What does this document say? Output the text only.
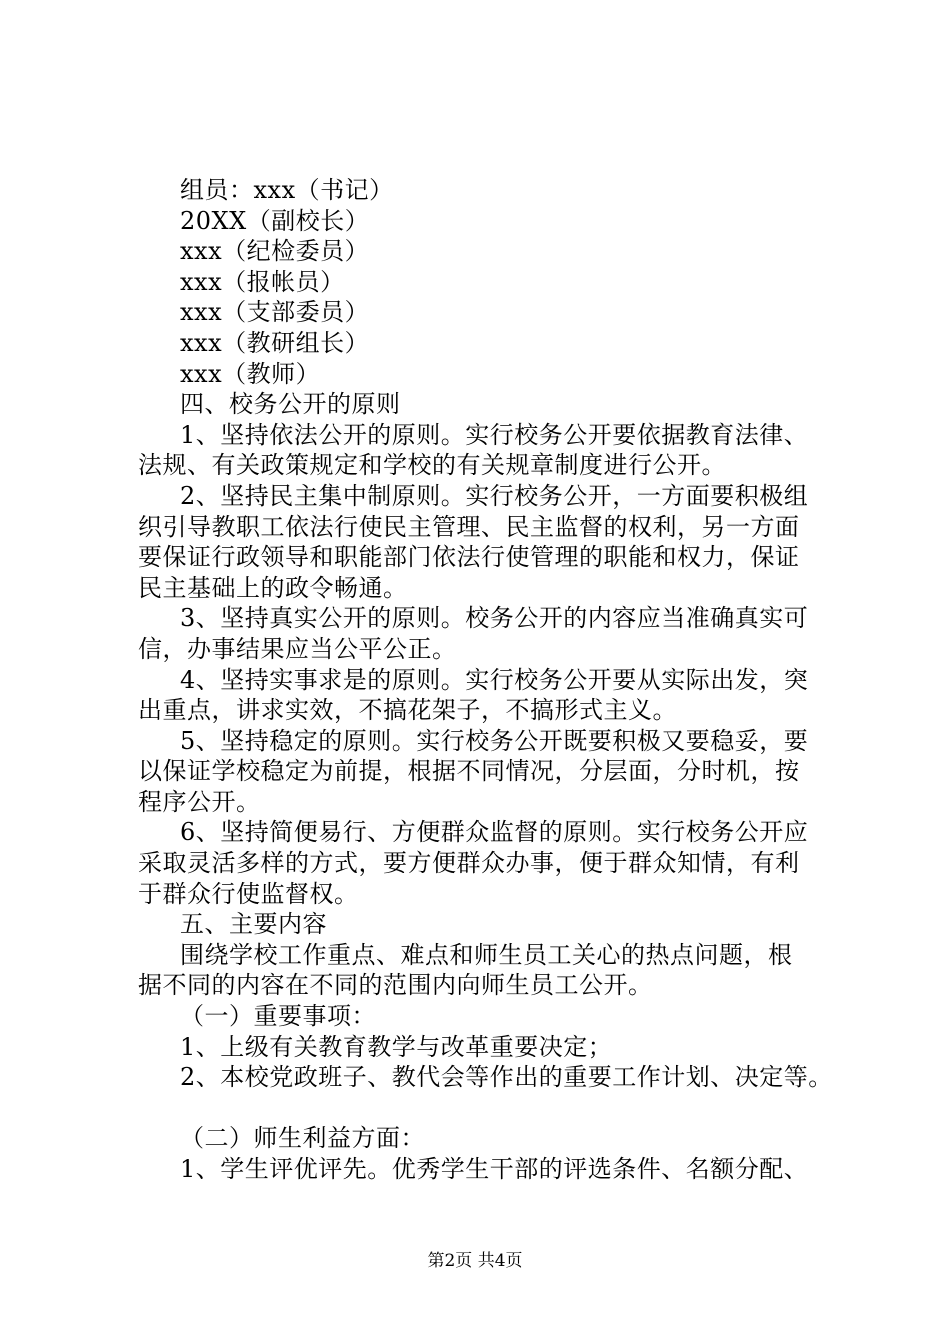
组员：xxx（书记）
20XX（副校长）
xxx（纪检委员）
xxx（报帐员）
xxx（支部委员）
xxx（教研组长）
xxx（教师）
四、校务公开的原则
1、坚持依法公开的原则。实行校务公开要依据教育法律、
法规、有关政策规定和学校的有关规章制度进行公开。
2、坚持民主集中制原则。实行校务公开，一方面要积极组
织引导教职工依法行使民主管理、民主监督的权利，另一方面
要保证行政领导和职能部门依法行使管理的职能和权力，保证
民主基础上的政令畅通。
3、坚持真实公开的原则。校务公开的内容应当准确真实可
信，办事结果应当公平公正。
4、坚持实事求是的原则。实行校务公开要从实际出发，突
出重点，讲求实效，不搞花架子，不搞形式主义。
5、坚持稳定的原则。实行校务公开既要积极又要稳妥，要
以保证学校稳定为前提，根据不同情况，分层面，分时机，按
程序公开。
6、坚持简便易行、方便群众监督的原则。实行校务公开应
采取灵活多样的方式，要方便群众办事，便于群众知情，有利
于群众行使监督权。
五、主要内容
围绕学校工作重点、难点和师生员工关心的热点问题，根
据不同的内容在不同的范围内向师生员工公开。
（一）重要事项：
1、上级有关教育教学与改革重要决定；
2、本校党政班子、教代会等作出的重要工作计划、决定等。
（二）师生利益方面：
1、学生评优评先。优秀学生干部的评选条件、名额分配、
第2页 共4页
